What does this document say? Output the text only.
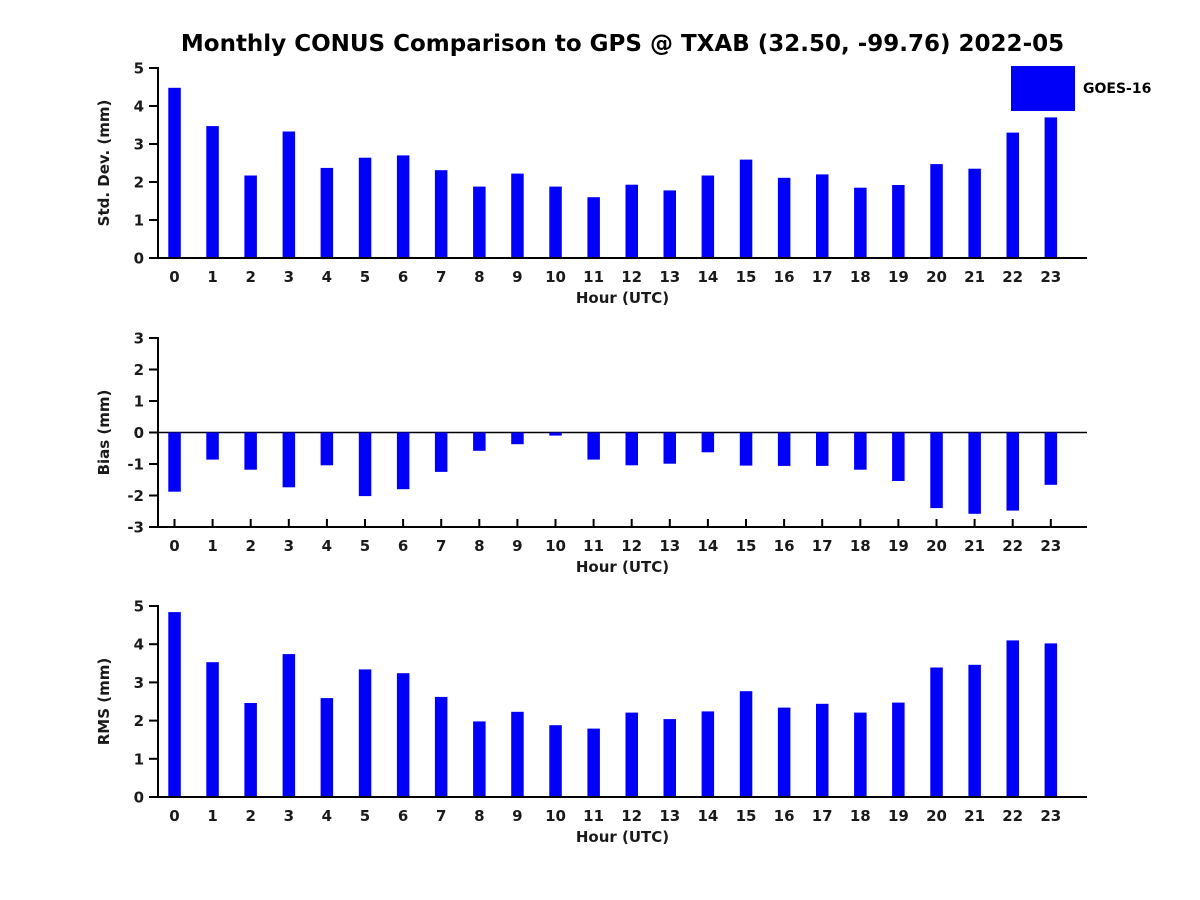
Monthly CONUS Comparison to GPS @ TXAB (32.50, -99.76) 2022-05
GOES-16
0
1
2
3
4
5
0 1 2 3 4 5 6 7 8 9 10 11 12 13 14 15 16 17 18 19 20 21 22 23
Hour (UTC)
Std. Dev. (mm)
-3
-2
-1
0
1
2
3
0 1 2 3 4 5 6 7 8 9 10 11 12 13 14 15 16 17 18 19 20 21 22 23
Hour (UTC)
Bias (mm)
0
1
2
3
4
5
0 1 2 3 4 5 6 7 8 9 10 11 12 13 14 15 16 17 18 19 20 21 22 23
Hour (UTC)
RMS (mm)
